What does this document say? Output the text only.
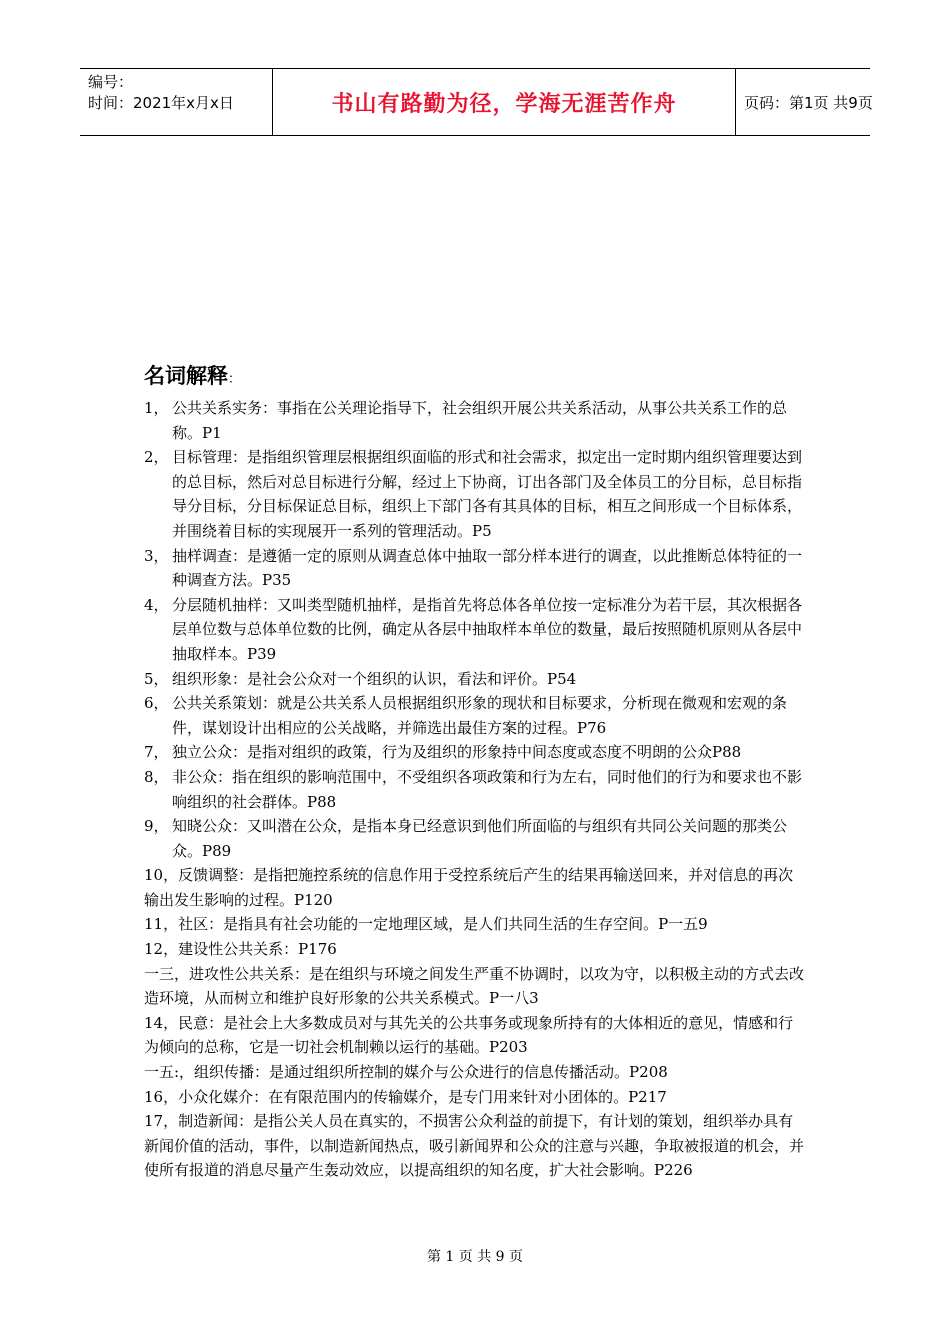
编号：
时间：2021年x月x日	书山有路勤为径，学海无涯苦作舟	页码：第1页 共9页
名词解释：
1， 公共关系实务：事指在公关理论指导下，社会组织开展公共关系活动，从事公共关系工作的总称。P1
2， 目标管理：是指组织管理层根据组织面临的形式和社会需求，拟定出一定时期内组织管理要达到的总目标，然后对总目标进行分解，经过上下协商，订出各部门及全体员工的分目标，总目标指导分目标，分目标保证总目标，组织上下部门各有其具体的目标，相互之间形成一个目标体系，并围绕着目标的实现展开一系列的管理活动。P5
3， 抽样调查：是遵循一定的原则从调查总体中抽取一部分样本进行的调查，以此推断总体特征的一种调查方法。P35
4， 分层随机抽样：又叫类型随机抽样，是指首先将总体各单位按一定标准分为若干层，其次根据各层单位数与总体单位数的比例，确定从各层中抽取样本单位的数量，最后按照随机原则从各层中抽取样本。P39
5， 组织形象：是社会公众对一个组织的认识，看法和评价。P54
6， 公共关系策划：就是公共关系人员根据组织形象的现状和目标要求，分析现在微观和宏观的条件，谋划设计出相应的公关战略，并筛选出最佳方案的过程。P76
7， 独立公众：是指对组织的政策，行为及组织的形象持中间态度或态度不明朗的公众P88
8， 非公众：指在组织的影响范围中，不受组织各项政策和行为左右，同时他们的行为和要求也不影响组织的社会群体。P88
9， 知晓公众：又叫潜在公众，是指本身已经意识到他们所面临的与组织有共同公关问题的那类公众。P89
10，反馈调整：是指把施控系统的信息作用于受控系统后产生的结果再输送回来，并对信息的再次输出发生影响的过程。P120
11，社区：是指具有社会功能的一定地理区域，是人们共同生活的生存空间。P一五9
12，建设性公共关系：P176
一三，进攻性公共关系：是在组织与环境之间发生严重不协调时，以攻为守，以积极主动的方式去改造环境，从而树立和维护良好形象的公共关系模式。P一八3
14，民意：是社会上大多数成员对与其先关的公共事务或现象所持有的大体相近的意见，情感和行为倾向的总称，它是一切社会机制赖以运行的基础。P203
一五:，组织传播：是通过组织所控制的媒介与公众进行的信息传播活动。P208
16，小众化媒介：在有限范围内的传输媒介，是专门用来针对小团体的。P217
17，制造新闻：是指公关人员在真实的，不损害公众利益的前提下，有计划的策划，组织举办具有新闻价值的活动，事件，以制造新闻热点，吸引新闻界和公众的注意与兴趣，争取被报道的机会，并使所有报道的消息尽量产生轰动效应，以提高组织的知名度，扩大社会影响。P226
第 1 页 共 9 页
